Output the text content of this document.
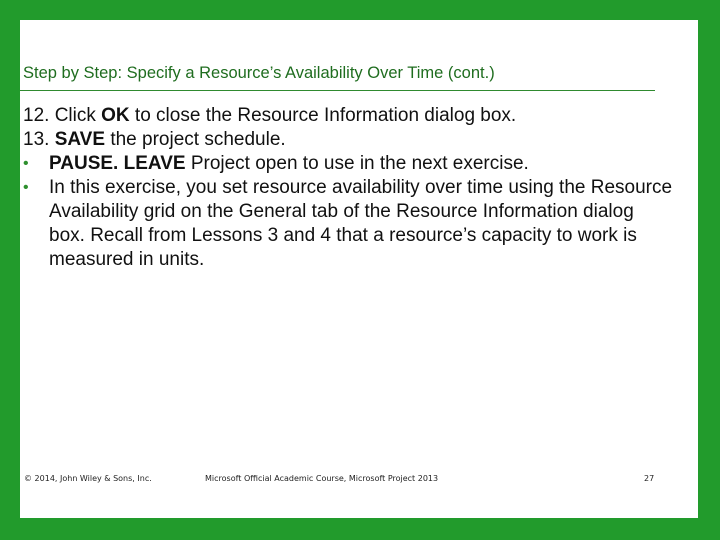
Step by Step: Specify a Resource’s Availability Over Time (cont.)
12. Click OK to close the Resource Information dialog box.
13. SAVE the project schedule.
• PAUSE. LEAVE Project open to use in the next exercise.
• In this exercise, you set resource availability over time using the Resource Availability grid on the General tab of the Resource Information dialog box. Recall from Lessons 3 and 4 that a resource’s capacity to work is measured in units.
© 2014, John Wiley & Sons, Inc.	Microsoft Official Academic Course, Microsoft Project 2013	27
